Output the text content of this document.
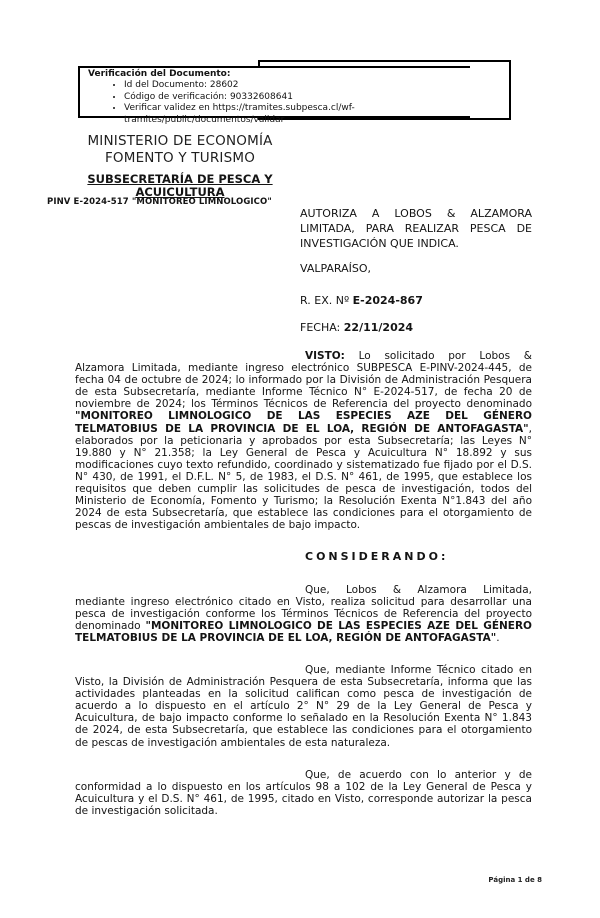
Verificación del Documento:
• Id del Documento: 28602
• Código de verificación: 90332608641
• Verificar validez en https://tramites.subpesca.cl/wf-tramites/public/documentos/validar
MINISTERIO DE ECONOMÍA
FOMENTO Y TURISMO
SUBSECRETARÍA DE PESCA Y ACUICULTURA
PINV E-2024-517 "MONITOREO LIMNOLOGICO"
AUTORIZA A LOBOS & ALZAMORA LIMITADA, PARA REALIZAR PESCA DE INVESTIGACIÓN QUE INDICA.
VALPARAÍSO,
R. EX. Nº E-2024-867
FECHA: 22/11/2024

VISTO: Lo solicitado por Lobos & Alzamora Limitada, mediante ingreso electrónico SUBPESCA E-PINV-2024-445, de fecha 04 de octubre de 2024; lo informado por la División de Administración Pesquera de esta Subsecretaría, mediante Informe Técnico N° E-2024-517, de fecha 20 de noviembre de 2024; los Términos Técnicos de Referencia del proyecto denominado "MONITOREO LIMNOLOGICO DE LAS ESPECIES AZE DEL GÉNERO TELMATOBIUS DE LA PROVINCIA DE EL LOA, REGIÓN DE ANTOFAGASTA", elaborados por la peticionaria y aprobados por esta Subsecretaría; las Leyes N° 19.880 y N° 21.358; la Ley General de Pesca y Acuicultura N° 18.892 y sus modificaciones cuyo texto refundido, coordinado y sistematizado fue fijado por el D.S. N° 430, de 1991, el D.F.L. N° 5, de 1983, el D.S. N° 461, de 1995, que establece los requisitos que deben cumplir las solicitudes de pesca de investigación, todos del Ministerio de Economía, Fomento y Turismo; la Resolución Exenta N°1.843 del año 2024 de esta Subsecretaría, que establece las condiciones para el otorgamiento de pescas de investigación ambientales de bajo impacto.

CONSIDERANDO:

Que, Lobos & Alzamora Limitada, mediante ingreso electrónico citado en Visto, realiza solicitud para desarrollar una pesca de investigación conforme los Términos Técnicos de Referencia del proyecto denominado "MONITOREO LIMNOLOGICO DE LAS ESPECIES AZE DEL GÉNERO TELMATOBIUS DE LA PROVINCIA DE EL LOA, REGIÓN DE ANTOFAGASTA".

Que, mediante Informe Técnico citado en Visto, la División de Administración Pesquera de esta Subsecretaría, informa que las actividades planteadas en la solicitud califican como pesca de investigación de acuerdo a lo dispuesto en el artículo 2° N° 29 de la Ley General de Pesca y Acuicultura, de bajo impacto conforme lo señalado en la Resolución Exenta N° 1.843 de 2024, de esta Subsecretaría, que establece las condiciones para el otorgamiento de pescas de investigación ambientales de esta naturaleza.

Que, de acuerdo con lo anterior y de conformidad a lo dispuesto en los artículos 98 a 102 de la Ley General de Pesca y Acuicultura y el D.S. N° 461, de 1995, citado en Visto, corresponde autorizar la pesca de investigación solicitada.

Página 1 de 8
